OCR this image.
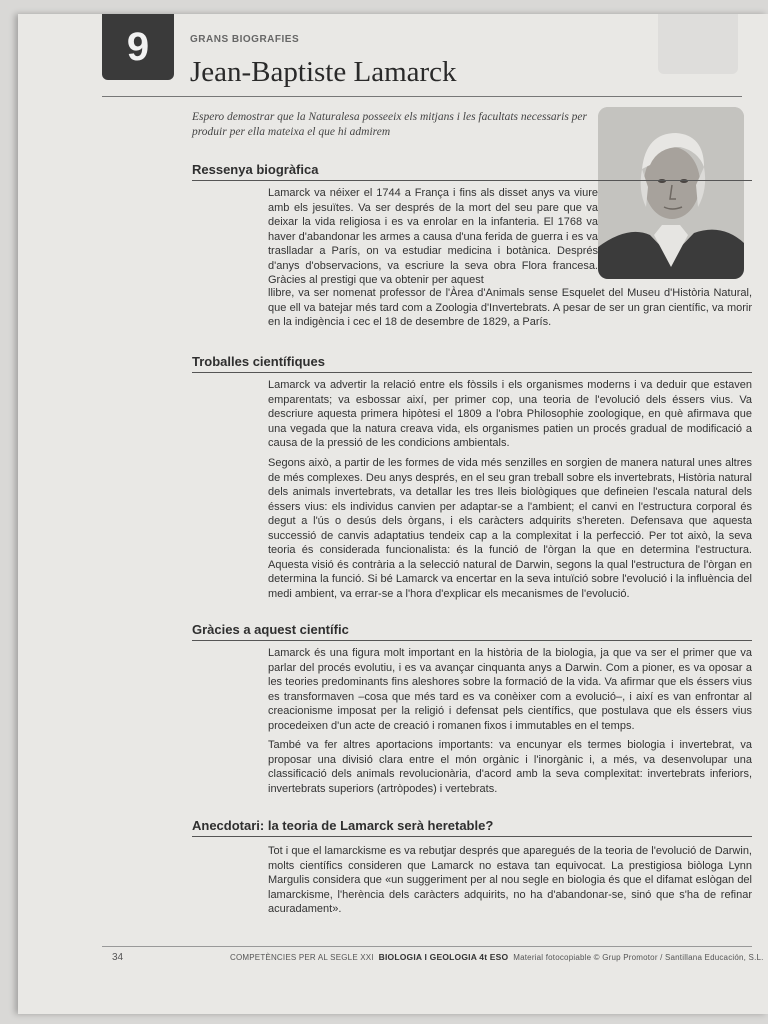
9	GRANS BIOGRAFIES
Jean-Baptiste Lamarck
Espero demostrar que la Naturalesa posseeix els mitjans i les facultats necessaris per produir per ella mateixa el que hi admirem
Ressenya biogràfica
Lamarck va néixer el 1744 a França i fins als disset anys va viure amb els jesuïtes. Va ser després de la mort del seu pare que va deixar la vida religiosa i es va enrolar en la infanteria. El 1768 va haver d'abandonar les armes a causa d'una ferida de guerra i es va traslladar a París, on va estudiar medicina i botànica. Després d'anys d'observacions, va escriure la seva obra Flora francesa. Gràcies al prestigi que va obtenir per aquest
llibre, va ser nomenat professor de l'Àrea d'Animals sense Esquelet del Museu d'Història Natural, que ell va batejar més tard com a Zoologia d'Invertebrats. A pesar de ser un gran científic, va morir en la indigència i cec el 18 de desembre de 1829, a París.
Troballes científiques
Lamarck va advertir la relació entre els fòssils i els organismes moderns i va deduir que estaven emparentats; va esbossar així, per primer cop, una teoria de l'evolució dels éssers vius. Va descriure aquesta primera hipòtesi el 1809 a l'obra Philosophie zoologique, en què afirmava que una vegada que la natura creava vida, els organismes patien un procés gradual de modificació a causa de la pressió de les condicions ambientals.
Segons això, a partir de les formes de vida més senzilles en sorgien de manera natural unes altres de més complexes. Deu anys després, en el seu gran treball sobre els invertebrats, Història natural dels animals invertebrats, va detallar les tres lleis biològiques que defineien l'escala natural dels éssers vius: els individus canvien per adaptar-se a l'ambient; el canvi en l'estructura corporal és degut a l'ús o desús dels òrgans, i els caràcters adquirits s'hereten. Defensava que aquesta successió de canvis adaptatius tendeix cap a la complexitat i la perfecció. Per tot això, la seva teoria és considerada funcionalista: és la funció de l'òrgan la que en determina l'estructura. Aquesta visió és contrària a la selecció natural de Darwin, segons la qual l'estructura de l'òrgan en determina la funció. Si bé Lamarck va encertar en la seva intuïció sobre l'evolució i la influència del medi ambient, va errar-se a l'hora d'explicar els mecanismes de l'evolució.
Gràcies a aquest científic
Lamarck és una figura molt important en la història de la biologia, ja que va ser el primer que va parlar del procés evolutiu, i es va avançar cinquanta anys a Darwin. Com a pioner, es va oposar a les teories predominants fins aleshores sobre la formació de la vida. Va afirmar que els éssers vius es transformaven –cosa que més tard es va conèixer com a evolució–, i així es van enfrontar al creacionisme imposat per la religió i defensat pels científics, que postulava que els éssers vius procedeixen d'un acte de creació i romanen fixos i immutables en el temps.
També va fer altres aportacions importants: va encunyar els termes biologia i invertebrat, va proposar una divisió clara entre el món orgànic i l'inorgànic i, a més, va desenvolupar una classificació dels animals revolucionària, d'acord amb la seva complexitat: invertebrats inferiors, invertebrats superiors (artròpodes) i vertebrats.
Anecdotari: la teoria de Lamarck serà heretable?
Tot i que el lamarckisme es va rebutjar després que aparegués de la teoria de l'evolució de Darwin, molts científics consideren que Lamarck no estava tan equivocat. La prestigiosa biòloga Lynn Margulis considera que «un suggeriment per al nou segle en biologia és que el difamat eslògan del lamarckisme, l'herència dels caràcters adquirits, no ha d'abandonar-se, sinó que s'ha de refinar acuradament».
34	COMPETÈNCIES PER AL SEGLE XXI BIOLOGIA I GEOLOGIA 4t ESO Material fotocopiable © Grup Promotor / Santillana Educación, S.L.
